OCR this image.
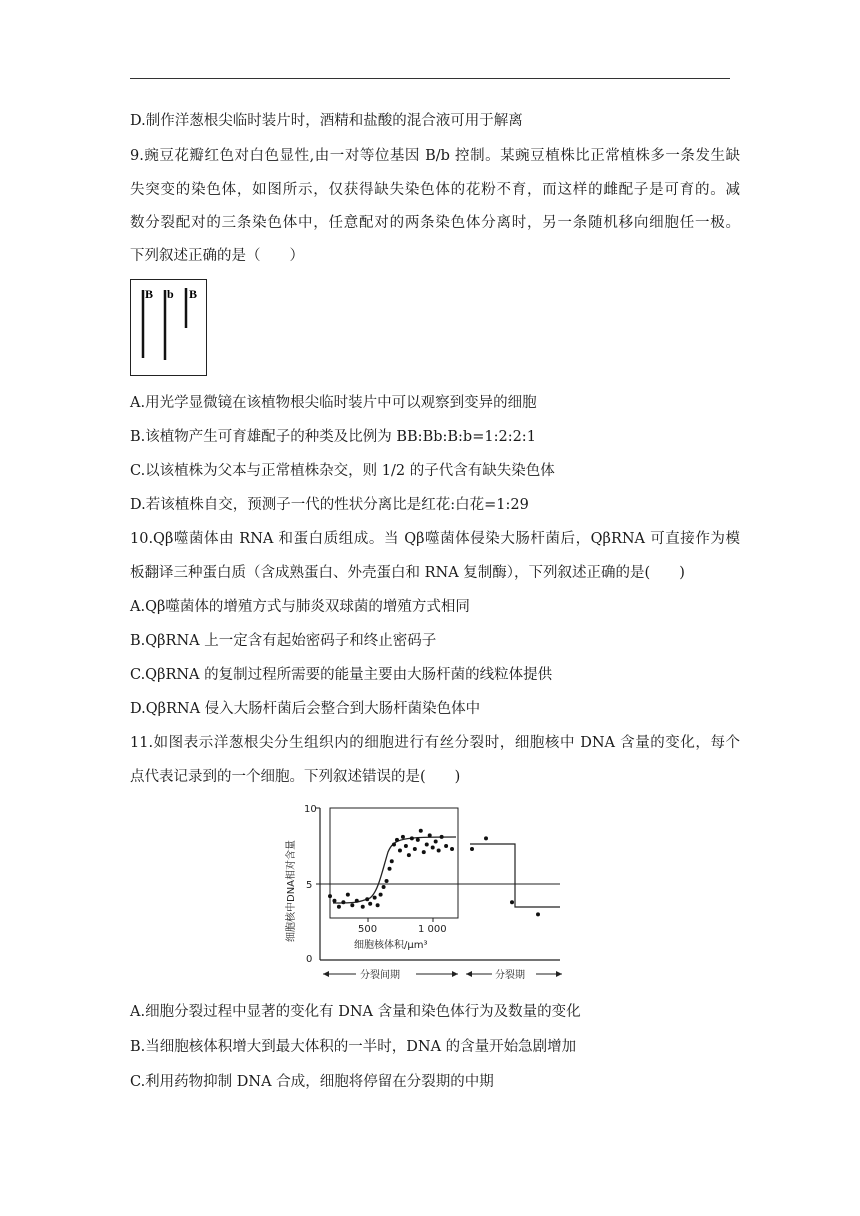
D.制作洋葱根尖临时装片时，酒精和盐酸的混合液可用于解离
9.豌豆花瓣红色对白色显性,由一对等位基因 B/b 控制。某豌豆植株比正常植株多一条发生缺
失突变的染色体，如图所示，仅获得缺失染色体的花粉不育，而这样的雌配子是可育的。减
数分裂配对的三条染色体中，任意配对的两条染色体分离时，另一条随机移向细胞任一极。
下列叙述正确的是（　　）
B b B
A.用光学显微镜在该植物根尖临时装片中可以观察到变异的细胞
B.该植物产生可育雄配子的种类及比例为 BB:Bb:B:b=1:2:2:1
C.以该植株为父本与正常植株杂交，则 1/2 的子代含有缺失染色体
D.若该植株自交，预测子一代的性状分离比是红花:白花=1:29
10.Qβ噬菌体由 RNA 和蛋白质组成。当 Qβ噬菌体侵染大肠杆菌后，QβRNA 可直接作为模
板翻译三种蛋白质（含成熟蛋白、外壳蛋白和 RNA 复制酶），下列叙述正确的是(　　)
A.Qβ噬菌体的增殖方式与肺炎双球菌的增殖方式相同
B.QβRNA 上一定含有起始密码子和终止密码子
C.QβRNA 的复制过程所需要的能量主要由大肠杆菌的线粒体提供
D.QβRNA 侵入大肠杆菌后会整合到大肠杆菌染色体中
11.如图表示洋葱根尖分生组织内的细胞进行有丝分裂时，细胞核中 DNA 含量的变化，每个
点代表记录到的一个细胞。下列叙述错误的是(　　)
10
5
0
细胞核中DNA相对含量	500	1 000
细胞核体积/μm³
分裂间期	分裂期
A.细胞分裂过程中显著的变化有 DNA 含量和染色体行为及数量的变化
B.当细胞核体积增大到最大体积的一半时，DNA 的含量开始急剧增加
C.利用药物抑制 DNA 合成，细胞将停留在分裂期的中期
